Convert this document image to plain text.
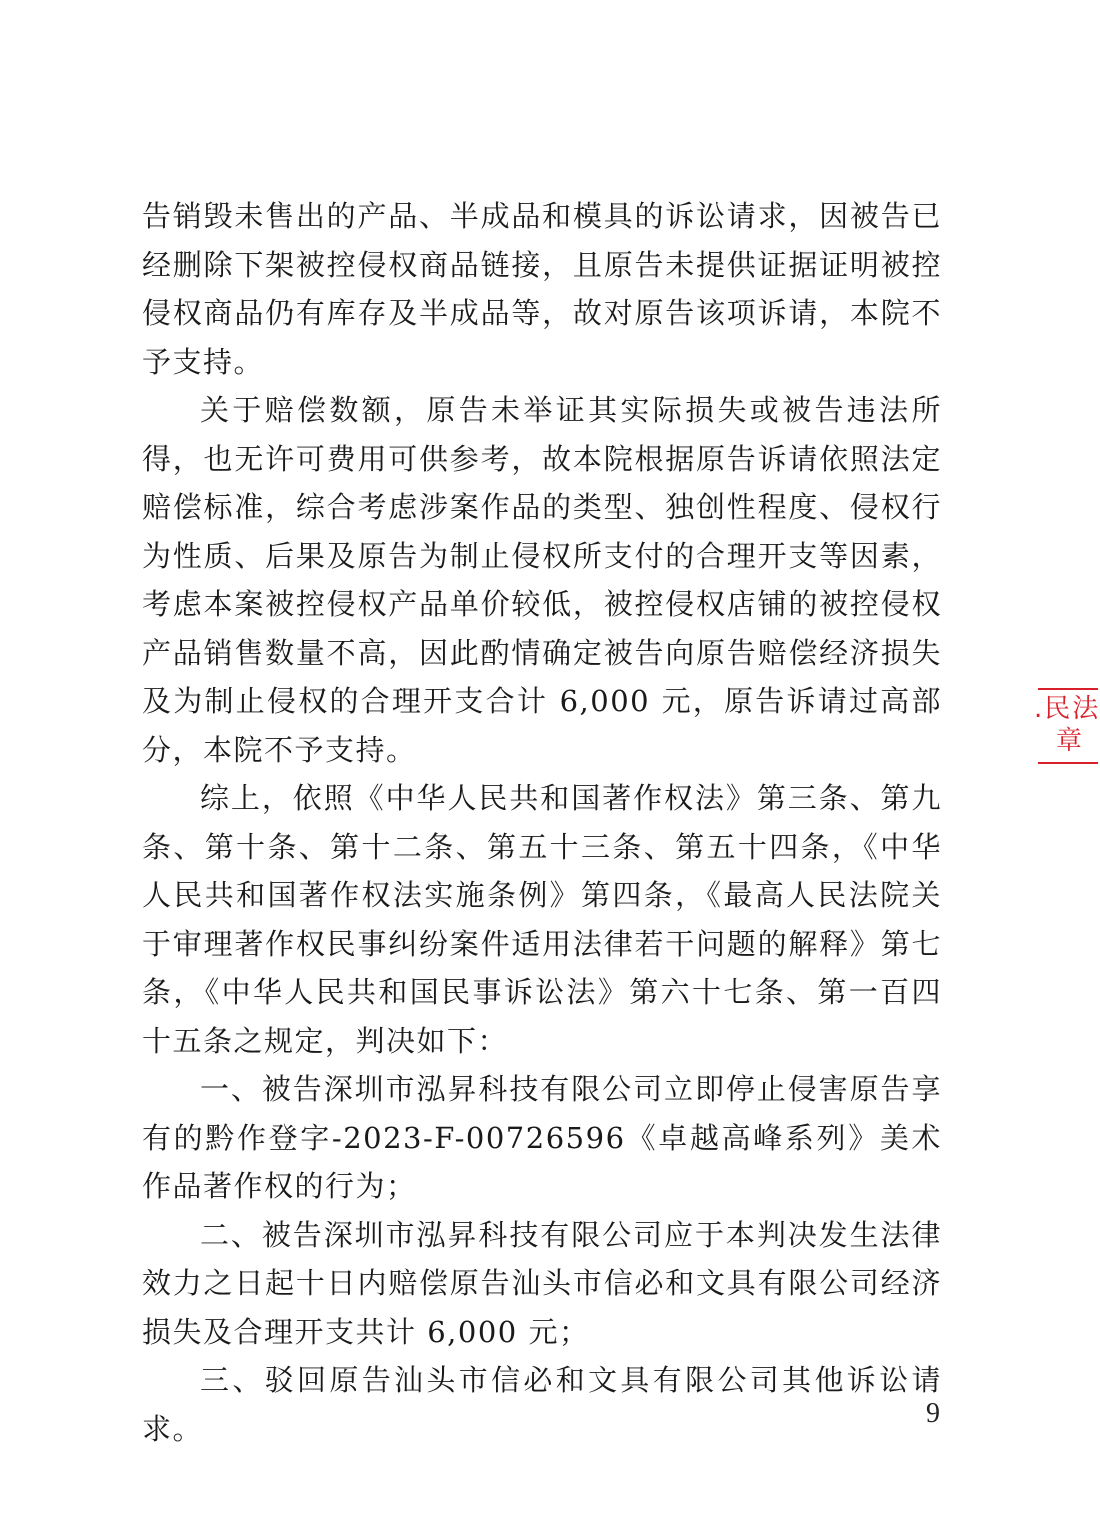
告销毁未售出的产品、半成品和模具的诉讼请求，因被告已经删除下架被控侵权商品链接，且原告未提供证据证明被控侵权商品仍有库存及半成品等，故对原告该项诉请，本院不予支持。

关于赔偿数额，原告未举证其实际损失或被告违法所得，也无许可费用可供参考，故本院根据原告诉请依照法定赔偿标准，综合考虑涉案作品的类型、独创性程度、侵权行为性质、后果及原告为制止侵权所支付的合理开支等因素，考虑本案被控侵权产品单价较低，被控侵权店铺的被控侵权产品销售数量不高，因此酌情确定被告向原告赔偿经济损失及为制止侵权的合理开支合计 6,000 元，原告诉请过高部分，本院不予支持。

综上，依照《中华人民共和国著作权法》第三条、第九条、第十条、第十二条、第五十三条、第五十四条，《中华人民共和国著作权法实施条例》第四条，《最高人民法院关于审理著作权民事纠纷案件适用法律若干问题的解释》第七条，《中华人民共和国民事诉讼法》第六十七条、第一百四十五条之规定，判决如下：

一、被告深圳市泓昇科技有限公司立即停止侵害原告享有的黔作登字-2023-F-00726596《卓越高峰系列》美术作品著作权的行为；

二、被告深圳市泓昇科技有限公司应于本判决发生法律效力之日起十日内赔偿原告汕头市信必和文具有限公司经济损失及合理开支共计 6,000 元；

三、驳回原告汕头市信必和文具有限公司其他诉讼请求。

.民法
章
9
